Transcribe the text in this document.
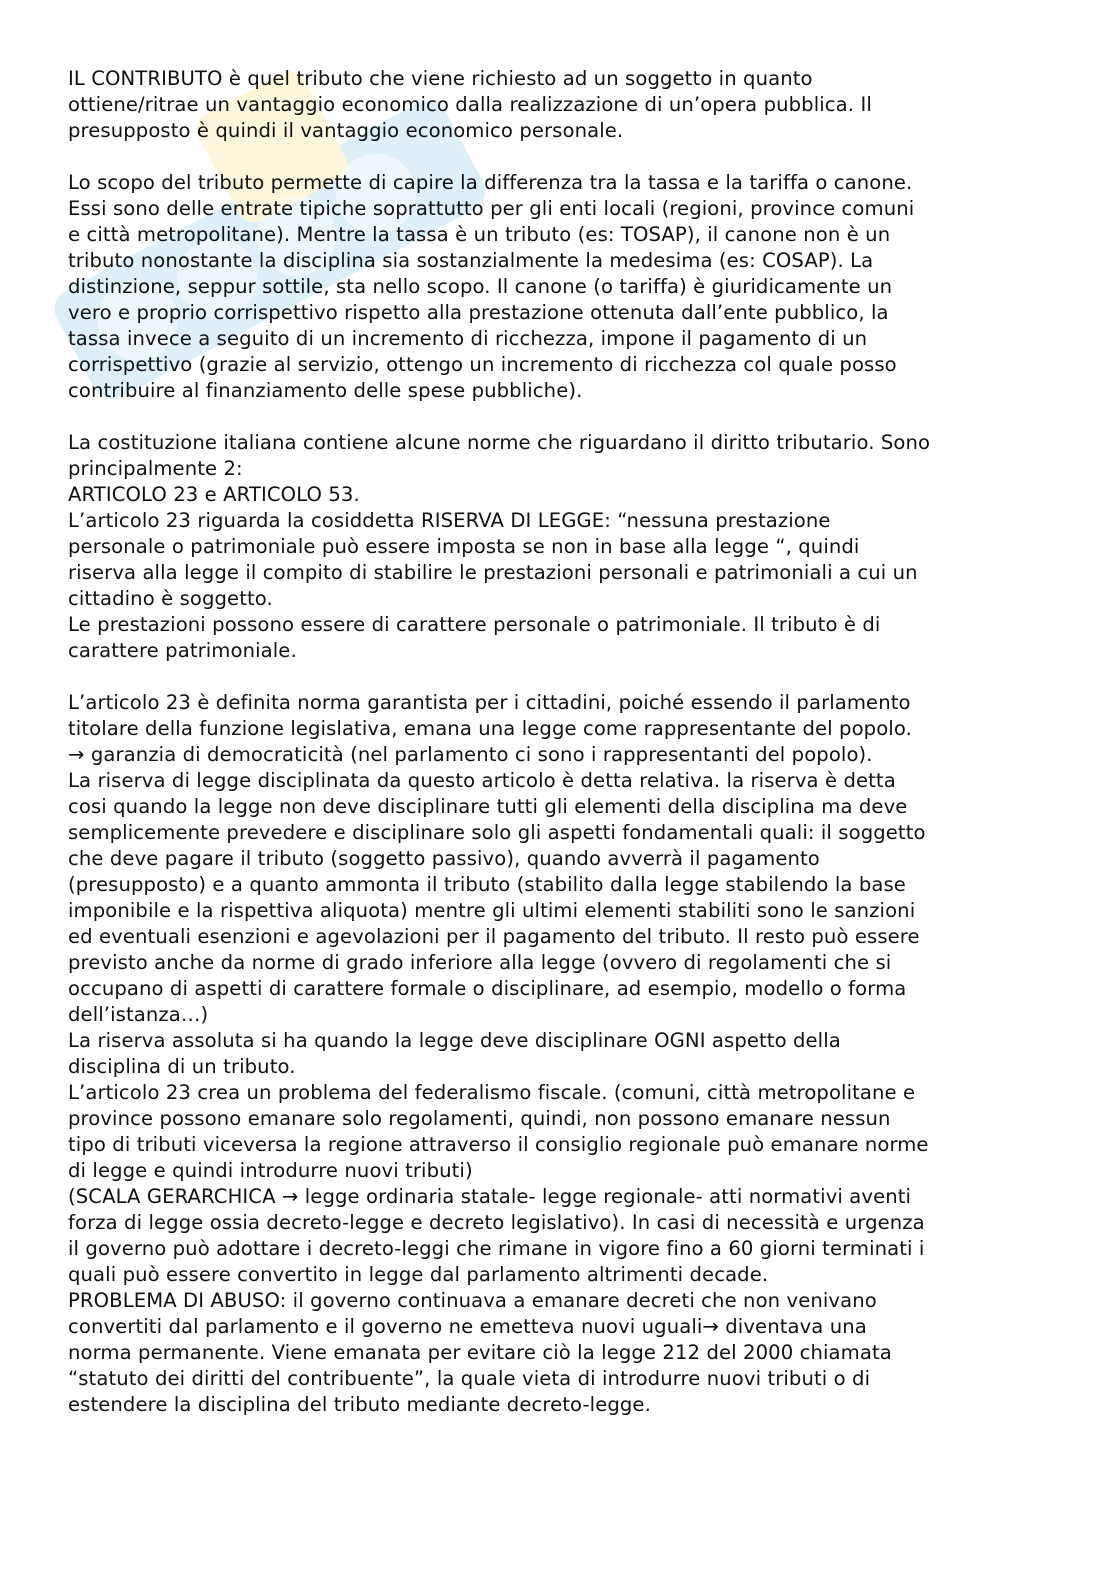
IL CONTRIBUTO è quel tributo che viene richiesto ad un soggetto in quanto
ottiene/ritrae un vantaggio economico dalla realizzazione di un’opera pubblica. Il
presupposto è quindi il vantaggio economico personale.

Lo scopo del tributo permette di capire la differenza tra la tassa e la tariffa o canone.
Essi sono delle entrate tipiche soprattutto per gli enti locali (regioni, province comuni
e città metropolitane). Mentre la tassa è un tributo (es: TOSAP), il canone non è un
tributo nonostante la disciplina sia sostanzialmente la medesima (es: COSAP). La
distinzione, seppur sottile, sta nello scopo. Il canone (o tariffa) è giuridicamente un
vero e proprio corrispettivo rispetto alla prestazione ottenuta dall’ente pubblico, la
tassa invece a seguito di un incremento di ricchezza, impone il pagamento di un
corrispettivo (grazie al servizio, ottengo un incremento di ricchezza col quale posso
contribuire al finanziamento delle spese pubbliche).

La costituzione italiana contiene alcune norme che riguardano il diritto tributario. Sono
principalmente 2:
ARTICOLO 23 e ARTICOLO 53.
L’articolo 23 riguarda la cosiddetta RISERVA DI LEGGE: “nessuna prestazione
personale o patrimoniale può essere imposta se non in base alla legge “, quindi
riserva alla legge il compito di stabilire le prestazioni personali e patrimoniali a cui un
cittadino è soggetto.
Le prestazioni possono essere di carattere personale o patrimoniale. Il tributo è di
carattere patrimoniale.

L’articolo 23 è definita norma garantista per i cittadini, poiché essendo il parlamento
titolare della funzione legislativa, emana una legge come rappresentante del popolo.
→ garanzia di democraticità (nel parlamento ci sono i rappresentanti del popolo).
La riserva di legge disciplinata da questo articolo è detta relativa. la riserva è detta
cosi quando la legge non deve disciplinare tutti gli elementi della disciplina ma deve
semplicemente prevedere e disciplinare solo gli aspetti fondamentali quali: il soggetto
che deve pagare il tributo (soggetto passivo), quando avverrà il pagamento
(presupposto) e a quanto ammonta il tributo (stabilito dalla legge stabilendo la base
imponibile e la rispettiva aliquota) mentre gli ultimi elementi stabiliti sono le sanzioni
ed eventuali esenzioni e agevolazioni per il pagamento del tributo. Il resto può essere
previsto anche da norme di grado inferiore alla legge (ovvero di regolamenti che si
occupano di aspetti di carattere formale o disciplinare, ad esempio, modello o forma
dell’istanza…)
La riserva assoluta si ha quando la legge deve disciplinare OGNI aspetto della
disciplina di un tributo.
L’articolo 23 crea un problema del federalismo fiscale. (comuni, città metropolitane e
province possono emanare solo regolamenti, quindi, non possono emanare nessun
tipo di tributi viceversa la regione attraverso il consiglio regionale può emanare norme
di legge e quindi introdurre nuovi tributi)
(SCALA GERARCHICA → legge ordinaria statale- legge regionale- atti normativi aventi
forza di legge ossia decreto-legge e decreto legislativo). In casi di necessità e urgenza
il governo può adottare i decreto-leggi che rimane in vigore fino a 60 giorni terminati i
quali può essere convertito in legge dal parlamento altrimenti decade.
PROBLEMA DI ABUSO: il governo continuava a emanare decreti che non venivano
convertiti dal parlamento e il governo ne emetteva nuovi uguali→ diventava una
norma permanente. Viene emanata per evitare ciò la legge 212 del 2000 chiamata
“statuto dei diritti del contribuente”, la quale vieta di introdurre nuovi tributi o di
estendere la disciplina del tributo mediante decreto-legge.
